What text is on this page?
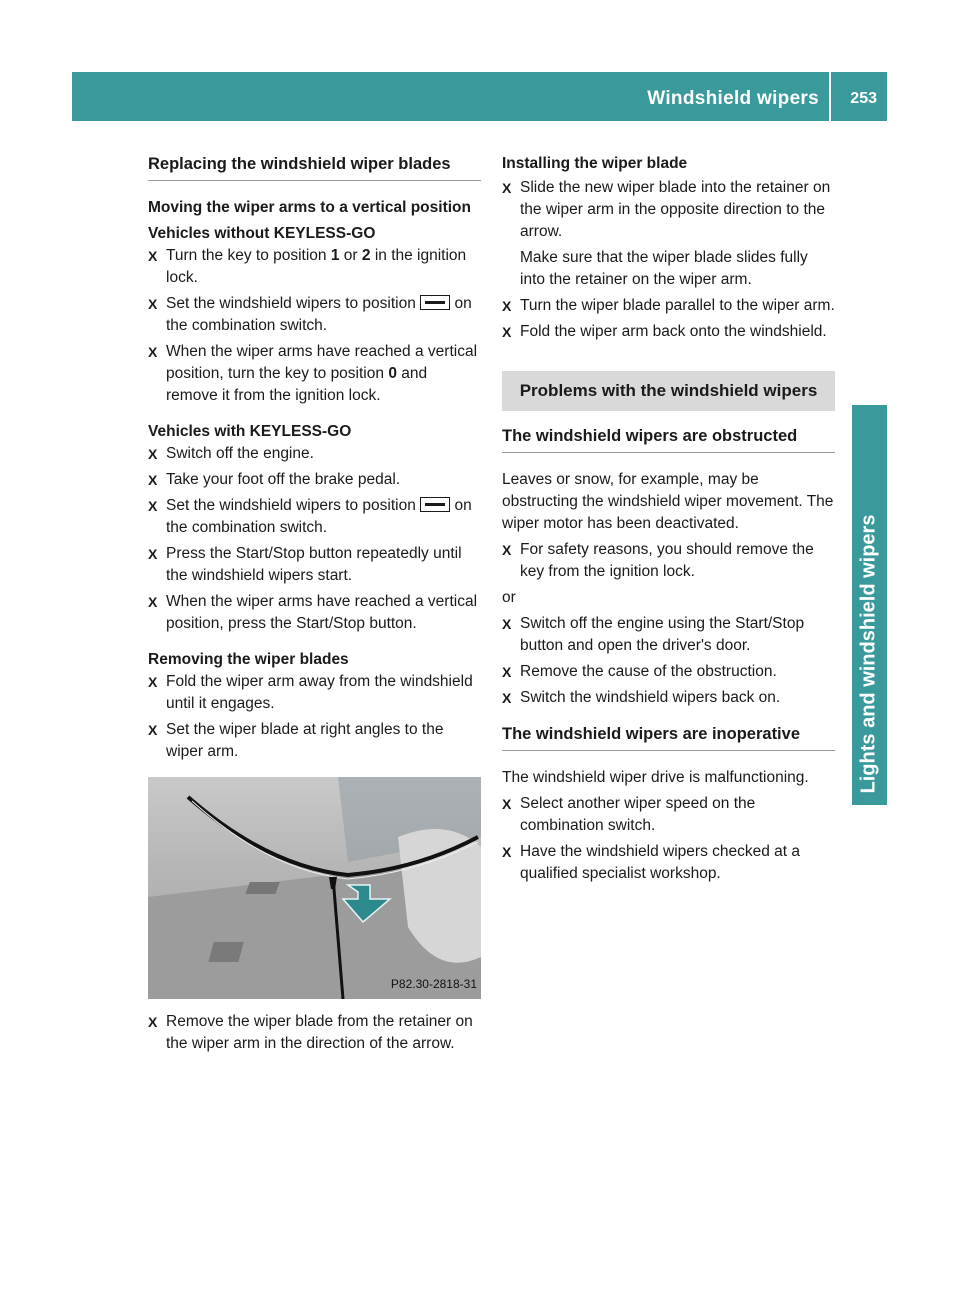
Windshield wipers 253
Lights and windshield wipers
Replacing the windshield wiper blades

Moving the wiper arms to a vertical position

Vehicles without KEYLESS-GO

X Turn the key to position 1 or 2 in the ignition lock.

X Set the windshield wipers to position  on the combination switch.

X When the wiper arms have reached a vertical position, turn the key to position 0 and remove it from the ignition lock.

Vehicles with KEYLESS-GO

X Switch off the engine.

X Take your foot off the brake pedal.

X Set the windshield wipers to position  on the combination switch.

X Press the Start/Stop button repeatedly until the windshield wipers start.

X When the wiper arms have reached a vertical position, press the Start/Stop button.

Removing the wiper blades

X Fold the wiper arm away from the windshield until it engages.

X Set the wiper blade at right angles to the wiper arm.

P82.30-2818-31
X Remove the wiper blade from the retainer on the wiper arm in the direction of the arrow.

Installing the wiper blade

X Slide the new wiper blade into the retainer on the wiper arm in the opposite direction to the arrow.

Make sure that the wiper blade slides fully into the retainer on the wiper arm.

X Turn the wiper blade parallel to the wiper arm.

X Fold the wiper arm back onto the windshield.

Problems with the windshield wipers
The windshield wipers are obstructed

Leaves or snow, for example, may be obstructing the windshield wiper movement. The wiper motor has been deactivated.

X For safety reasons, you should remove the key from the ignition lock.

or

X Switch off the engine using the Start/Stop button and open the driver's door.

X Remove the cause of the obstruction.

X Switch the windshield wipers back on.

The windshield wipers are inoperative

The windshield wiper drive is malfunctioning.

X Select another wiper speed on the combination switch.

X Have the windshield wipers checked at a qualified specialist workshop.
